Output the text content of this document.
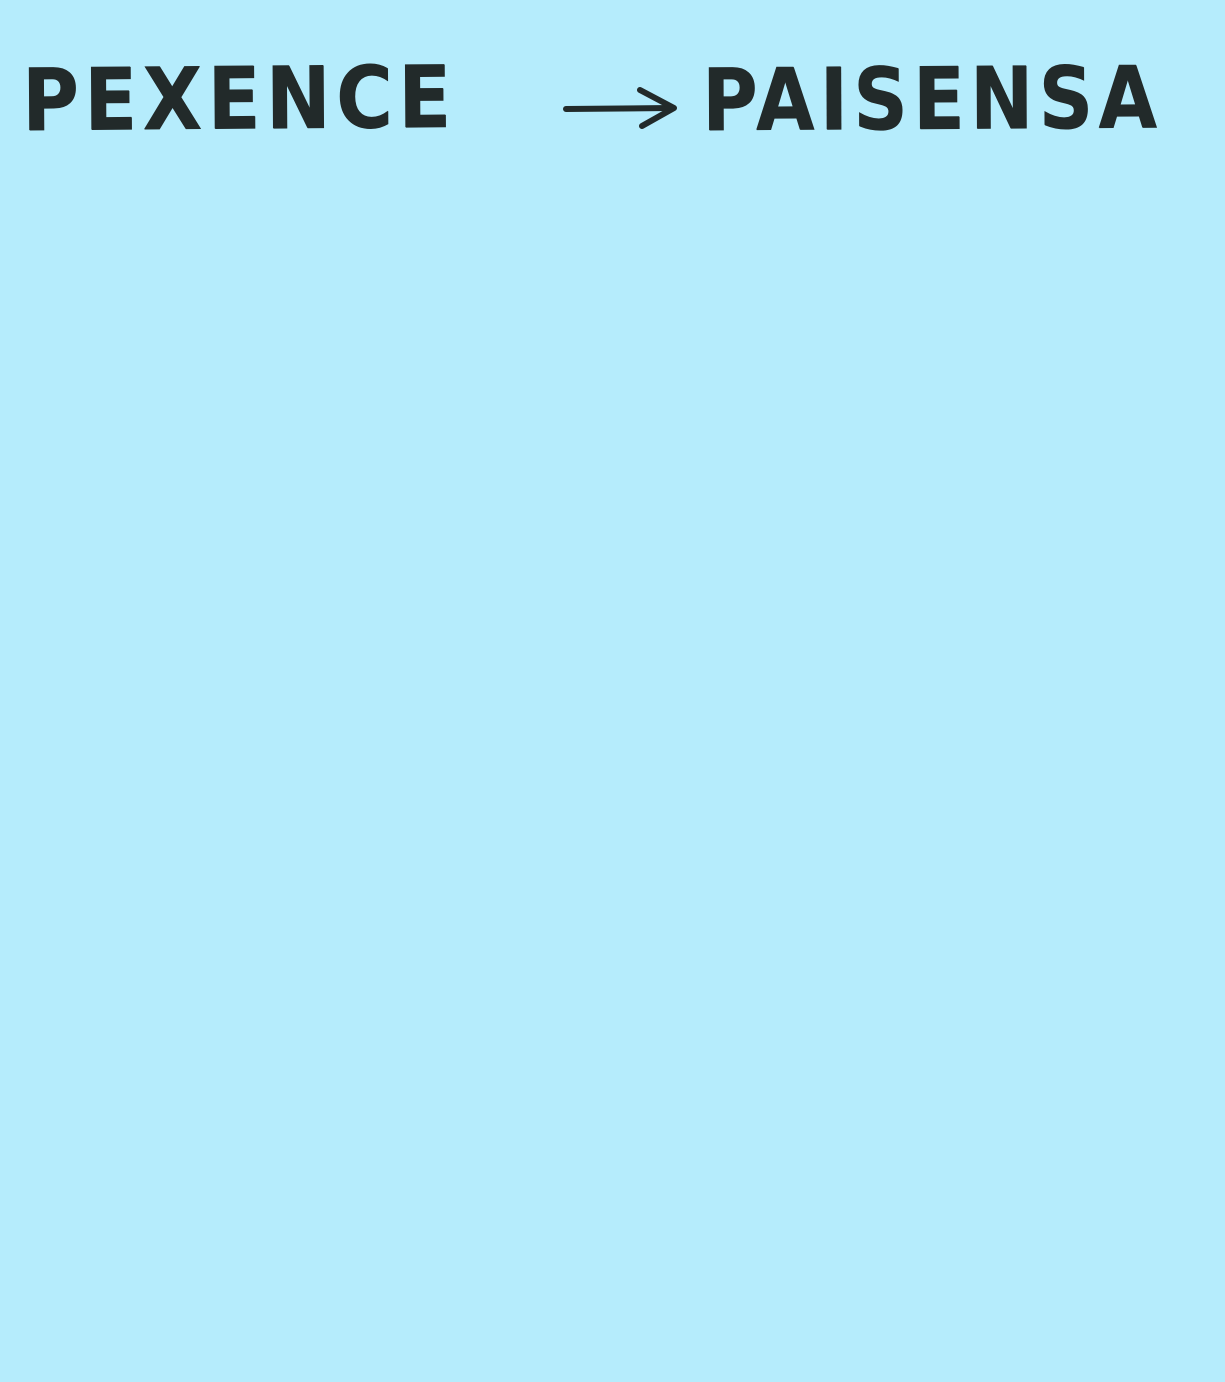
PEXENCE	PAISENSA
